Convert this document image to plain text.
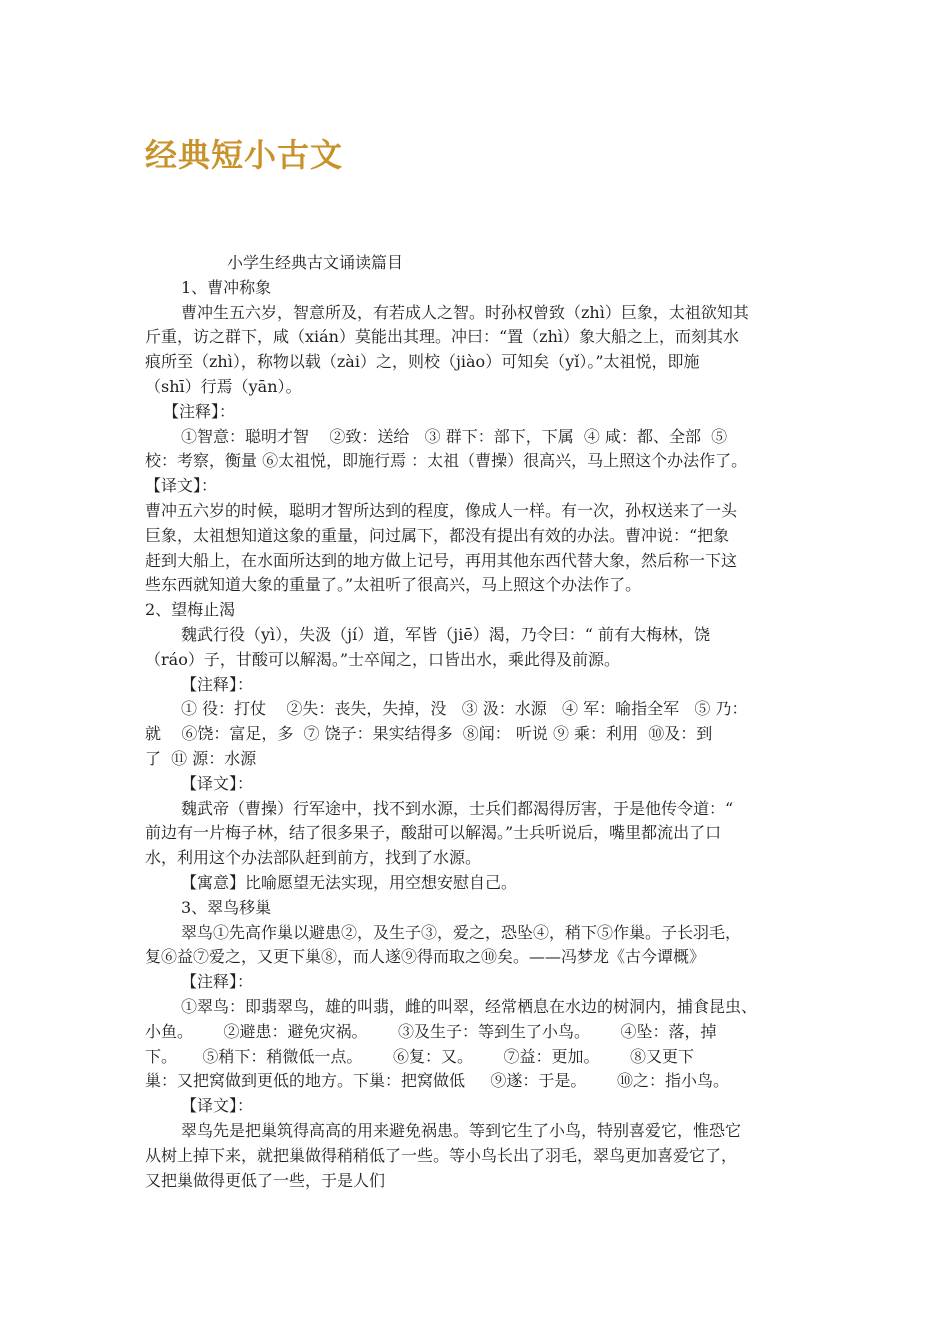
经典短小古文
小学生经典古文诵读篇目
1、曹冲称象
曹冲生五六岁，智意所及，有若成人之智。时孙权曾致（zhì）巨象，太祖欲知其
斤重，访之群下，咸（xián）莫能出其理。冲曰：“置（zhì）象大船之上，而刻其水
痕所至（zhì），称物以载（zài）之，则校（jiào）可知矣（yǐ）。”太祖悦，即施
（shī）行焉（yān）。
【注释】：
①智意：聪明才智    ②致：送给   ③ 群下：部下，下属  ④ 咸：都、全部  ⑤
校：考察，衡量 ⑥太祖悦，即施行焉 ：太祖（曹操）很高兴，马上照这个办法作了。
【译文】：
曹冲五六岁的时候，聪明才智所达到的程度，像成人一样。有一次，孙权送来了一头
巨象，太祖想知道这象的重量，问过属下，都没有提出有效的办法。曹冲说：“把象
赶到大船上，在水面所达到的地方做上记号，再用其他东西代替大象，然后称一下这
些东西就知道大象的重量了。”太祖听了很高兴，马上照这个办法作了。
2、望梅止渴
魏武行役（yì），失汲（jí）道，军皆（jiē）渴，乃令曰：“ 前有大梅林，饶
（ráo）子，甘酸可以解渴。”士卒闻之，口皆出水，乘此得及前源。
【注释】：
① 役：打仗    ②失：丧失，失掉，没   ③ 汲：水源   ④ 军：喻指全军   ⑤ 乃：
就    ⑥饶：富足，多  ⑦ 饶子：果实结得多  ⑧闻： 听说 ⑨ 乘：利用  ⑩及：到
了  ⑪ 源：水源
【译文】：
魏武帝（曹操）行军途中，找不到水源，士兵们都渴得厉害，于是他传令道：“
前边有一片梅子林，结了很多果子，酸甜可以解渴。”士兵听说后，嘴里都流出了口
水，利用这个办法部队赶到前方，找到了水源。
【寓意】比喻愿望无法实现，用空想安慰自己。
3、翠鸟移巢
翠鸟①先高作巢以避患②，及生子③，爱之，恐坠④，稍下⑤作巢。子长羽毛，
复⑥益⑦爱之，又更下巢⑧，而人遂⑨得而取之⑩矣。——冯梦龙《古今谭概》
【注释】：
①翠鸟：即翡翠鸟，雄的叫翡，雌的叫翠，经常栖息在水边的树洞内，捕食昆虫、
小鱼。      ②避患：避免灾祸。      ③及生子：等到生了小鸟。      ④坠：落，掉
下。     ⑤稍下：稍微低一点。      ⑥复：又。      ⑦益：更加。      ⑧又更下
巢：又把窝做到更低的地方。下巢：把窝做低     ⑨遂：于是。      ⑩之：指小鸟。
【译文】：
翠鸟先是把巢筑得高高的用来避免祸患。等到它生了小鸟，特别喜爱它，惟恐它
从树上掉下来，就把巢做得稍稍低了一些。等小鸟长出了羽毛，翠鸟更加喜爱它了，
又把巢做得更低了一些，于是人们
